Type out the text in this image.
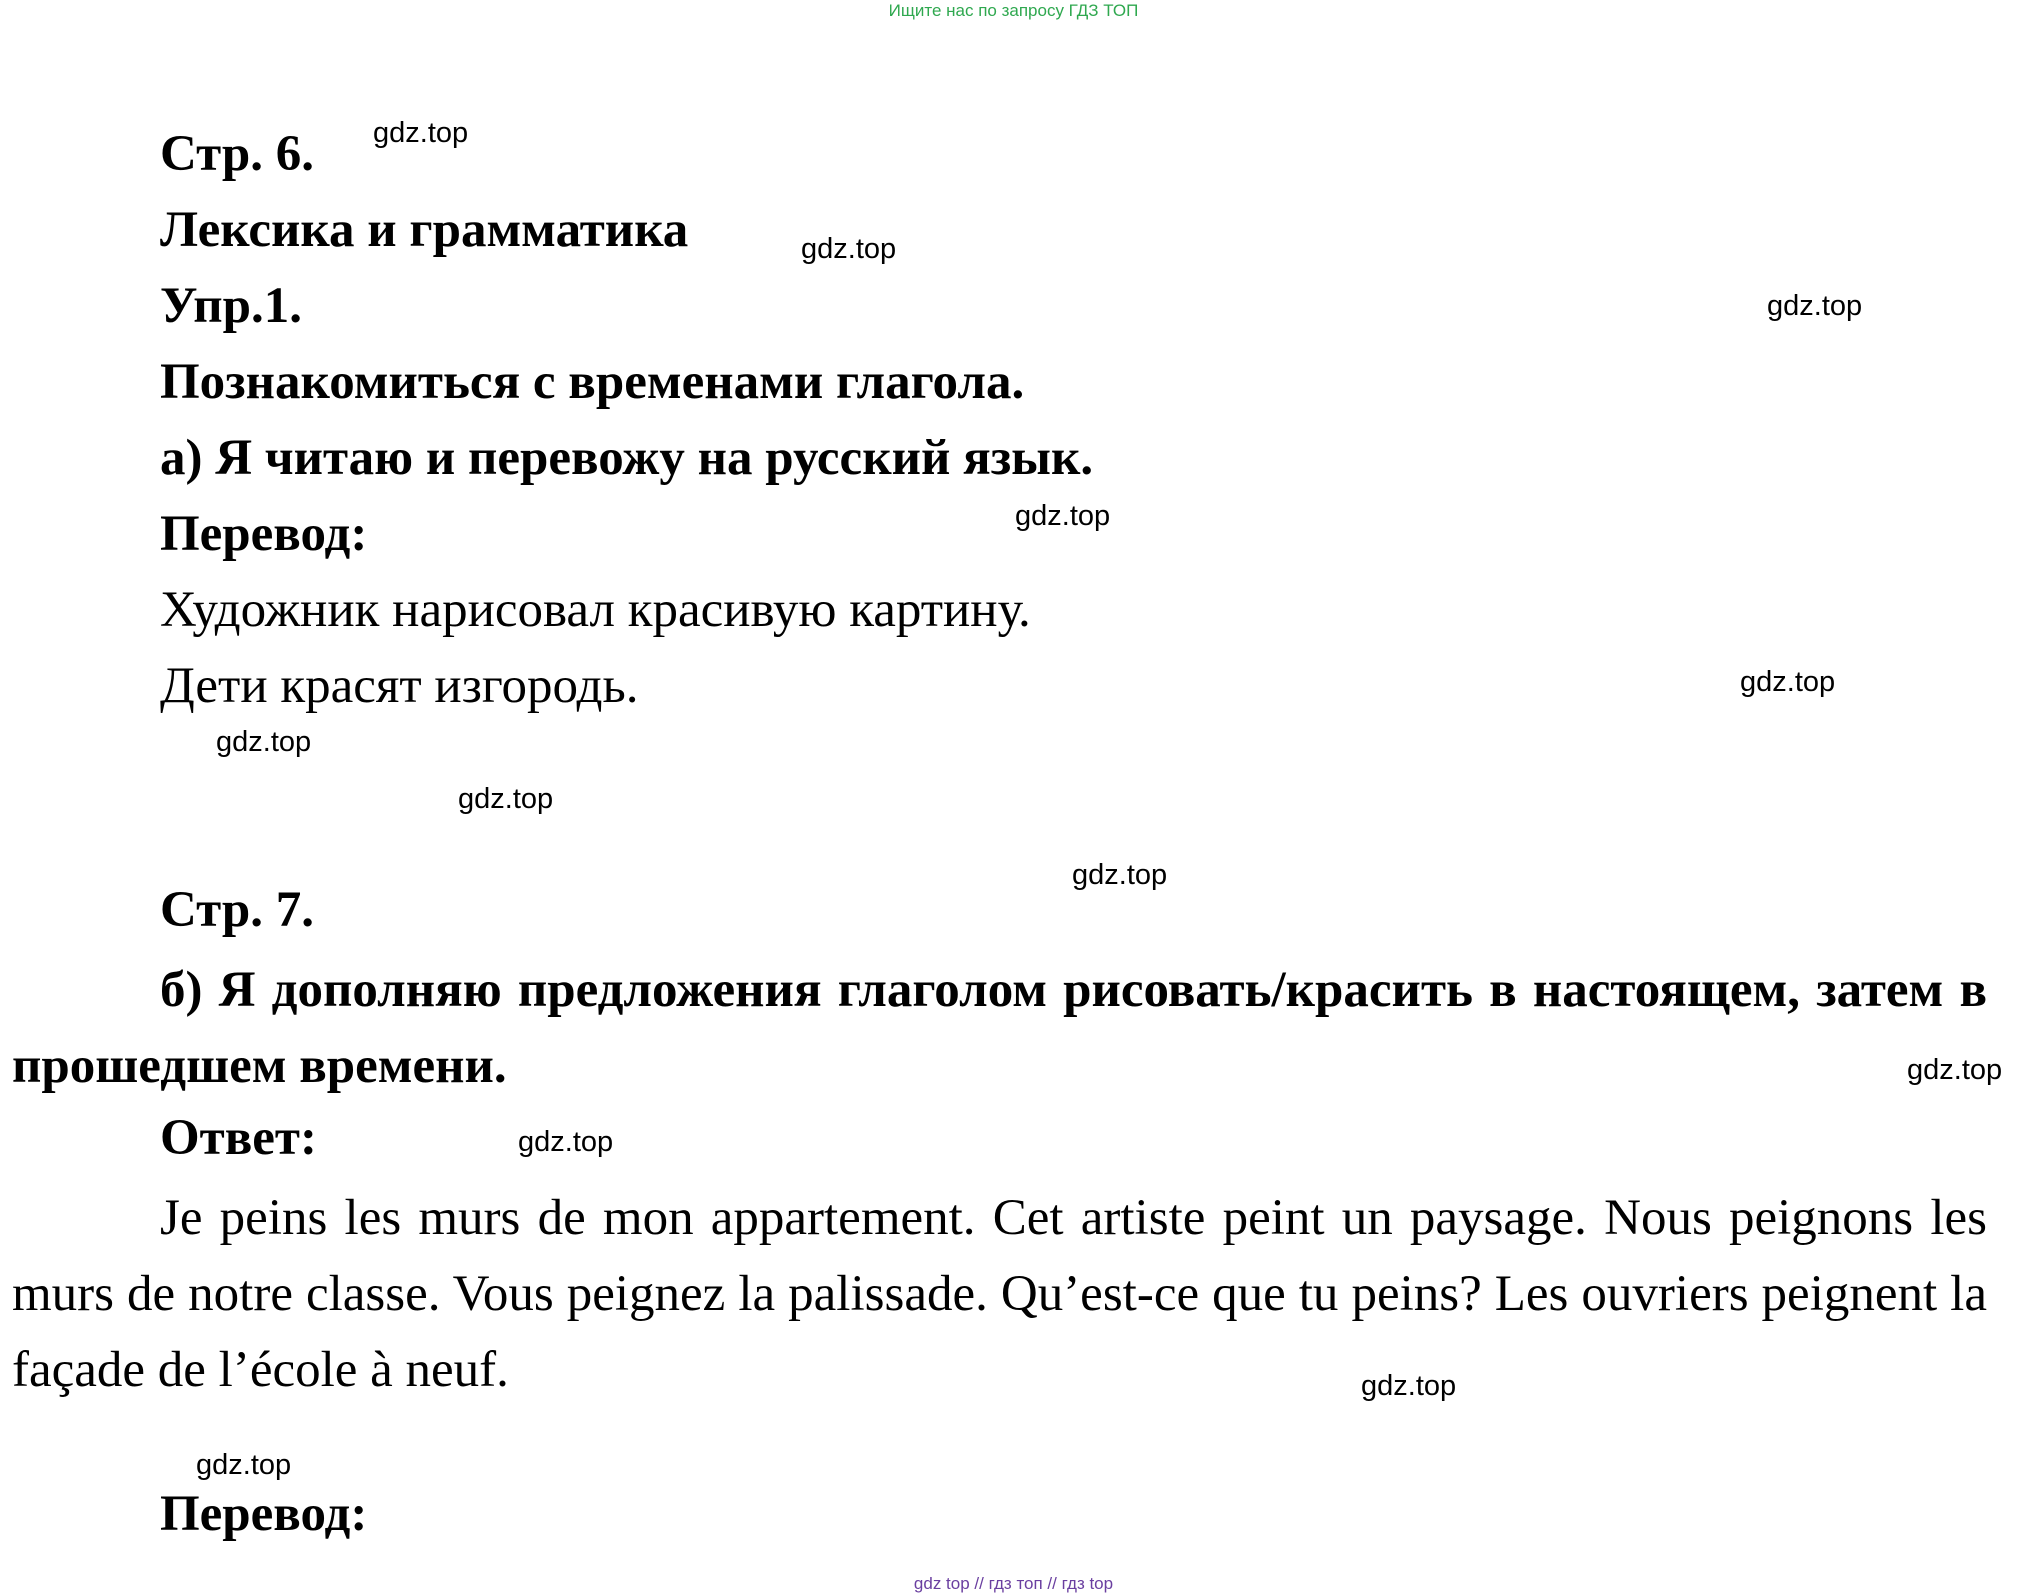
Ищите нас по запросу ГДЗ ТОП
Стр. 6.
Лексика и грамматика
Упр.1.
Познакомиться с временами глагола.
а) Я читаю и перевожу на русский язык.
Перевод:
Художник нарисовал красивую картину.
Дети красят изгородь.
Стр. 7.
б) Я дополняю предложения глаголом рисовать/красить в настоящем, затем в прошедшем времени.
Ответ:
Je peins les murs de mon appartement. Cet artiste peint un paysage. Nous peignons les murs de notre classe. Vous peignez la palissade. Qu’est-ce que tu peins? Les ouvriers peignent la façade de l’école à neuf.
Перевод:
gdz.top
gdz.top
gdz.top
gdz.top
gdz.top
gdz.top
gdz.top
gdz.top
gdz.top
gdz.top
gdz.top
gdz.top
gdz top // гдз топ // гдз top
